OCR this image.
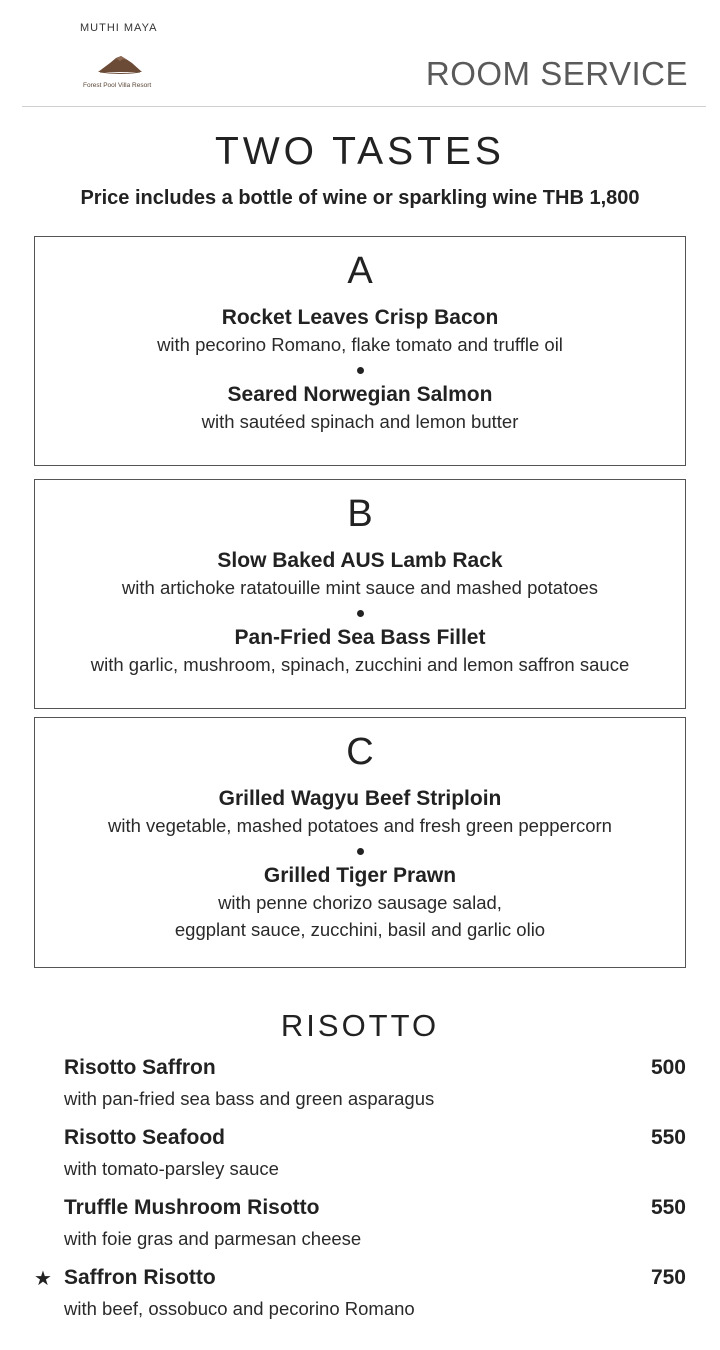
MUTHI MAYA
Forest Pool Villa Resort	ROOM SERVICE
TWO TASTES
Price includes a bottle of wine or sparkling wine THB 1,800
A
Rocket Leaves Crisp Bacon
with pecorino Romano, flake tomato and truffle oil
Seared Norwegian Salmon
with sautéed spinach and lemon butter
B
Slow Baked AUS Lamb Rack
with artichoke ratatouille mint sauce and mashed potatoes
Pan-Fried Sea Bass Fillet
with garlic, mushroom, spinach, zucchini and lemon saffron sauce
C
Grilled Wagyu Beef Striploin
with vegetable, mashed potatoes and fresh green peppercorn
Grilled Tiger Prawn
with penne chorizo sausage salad,
eggplant sauce, zucchini, basil and garlic olio
RISOTTO
Risotto Saffron	500
with pan-fried sea bass and green asparagus
Risotto Seafood	550
with tomato-parsley sauce
Truffle Mushroom Risotto	550
with foie gras and parmesan cheese
★ Saffron Risotto	750
with beef, ossobuco and pecorino Romano
